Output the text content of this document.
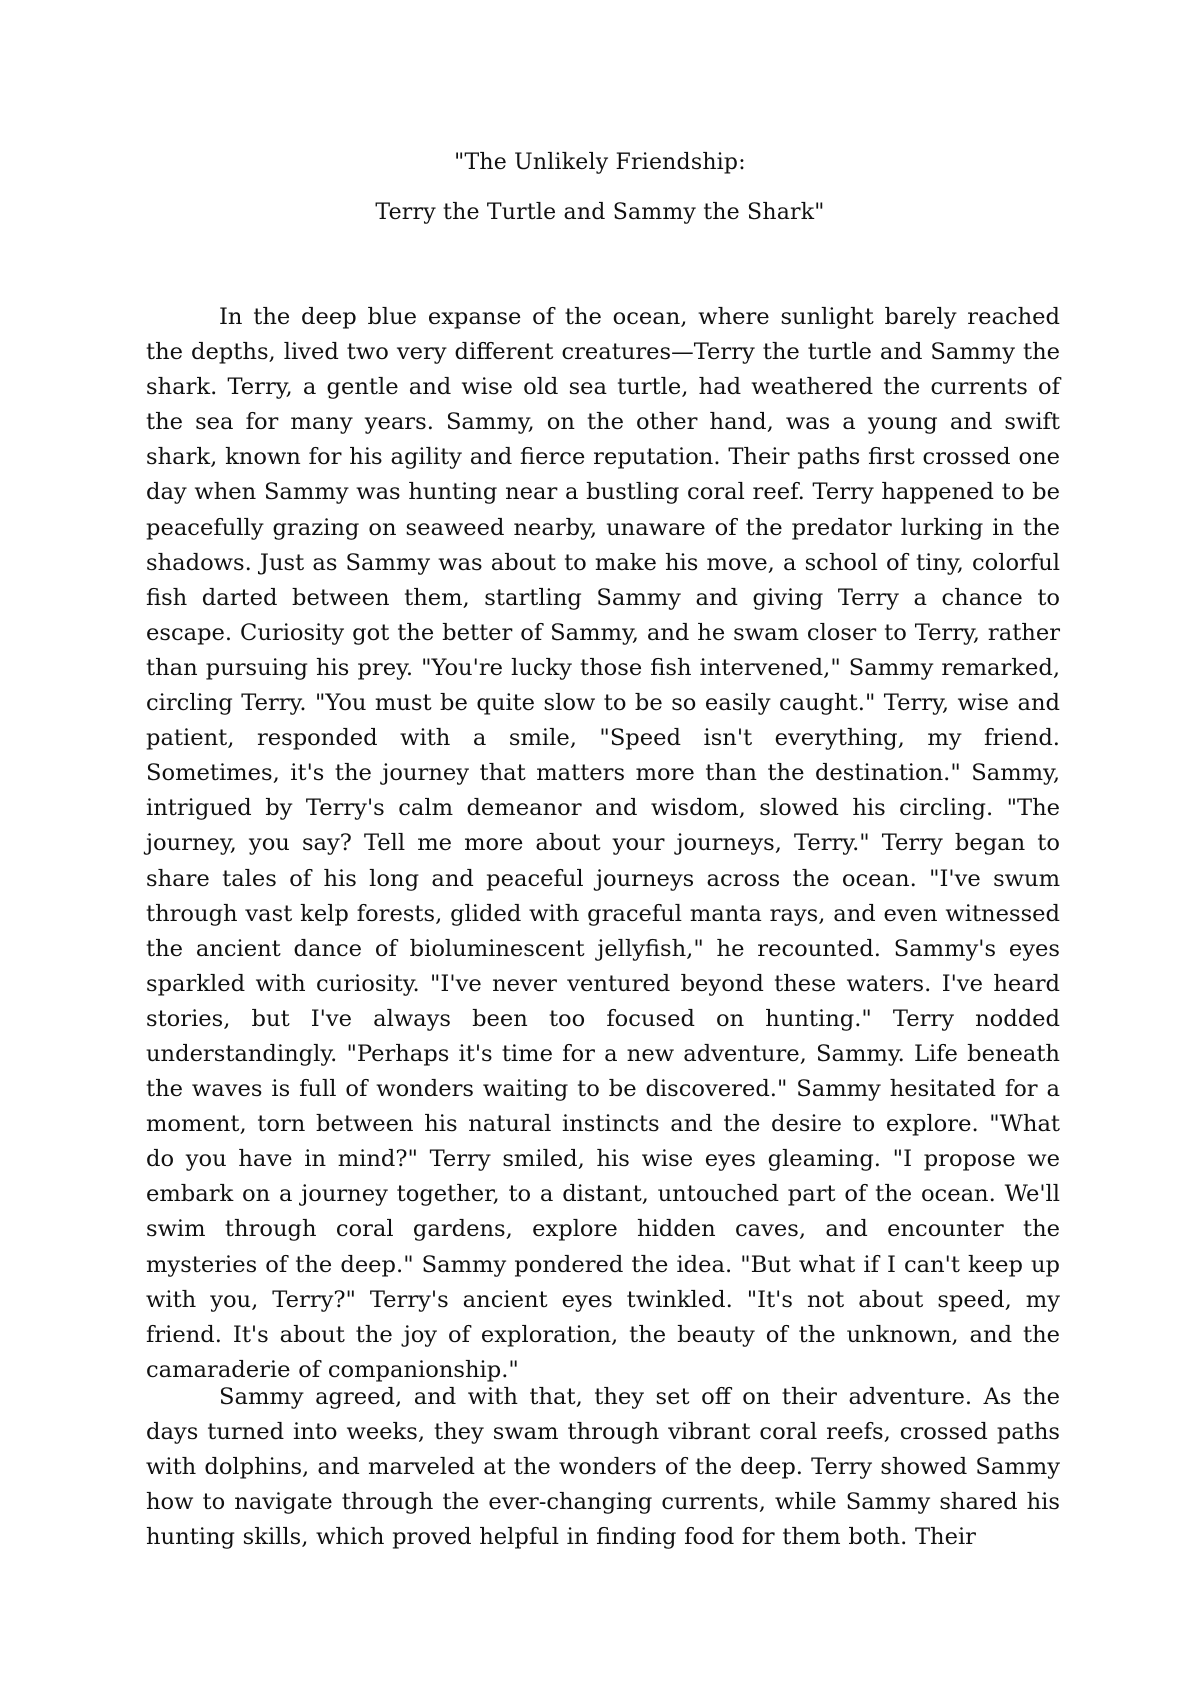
"The Unlikely Friendship:

Terry the Turtle and Sammy the Shark"

In the deep blue expanse of the ocean, where sunlight barely reached the depths, lived two very different creatures—Terry the turtle and Sammy the shark. Terry, a gentle and wise old sea turtle, had weathered the currents of the sea for many years. Sammy, on the other hand, was a young and swift shark, known for his agility and fierce reputation. Their paths first crossed one day when Sammy was hunting near a bustling coral reef. Terry happened to be peacefully grazing on seaweed nearby, unaware of the predator lurking in the shadows. Just as Sammy was about to make his move, a school of tiny, colorful fish darted between them, startling Sammy and giving Terry a chance to escape. Curiosity got the better of Sammy, and he swam closer to Terry, rather than pursuing his prey. "You're lucky those fish intervened," Sammy remarked, circling Terry. "You must be quite slow to be so easily caught." Terry, wise and patient, responded with a smile, "Speed isn't everything, my friend. Sometimes, it's the journey that matters more than the destination." Sammy, intrigued by Terry's calm demeanor and wisdom, slowed his circling. "The journey, you say? Tell me more about your journeys, Terry." Terry began to share tales of his long and peaceful journeys across the ocean. "I've swum through vast kelp forests, glided with graceful manta rays, and even witnessed the ancient dance of bioluminescent jellyfish," he recounted. Sammy's eyes sparkled with curiosity. "I've never ventured beyond these waters. I've heard stories, but I've always been too focused on hunting." Terry nodded understandingly. "Perhaps it's time for a new adventure, Sammy. Life beneath the waves is full of wonders waiting to be discovered." Sammy hesitated for a moment, torn between his natural instincts and the desire to explore. "What do you have in mind?" Terry smiled, his wise eyes gleaming. "I propose we embark on a journey together, to a distant, untouched part of the ocean. We'll swim through coral gardens, explore hidden caves, and encounter the mysteries of the deep." Sammy pondered the idea. "But what if I can't keep up with you, Terry?" Terry's ancient eyes twinkled. "It's not about speed, my friend. It's about the joy of exploration, the beauty of the unknown, and the camaraderie of companionship."

Sammy agreed, and with that, they set off on their adventure. As the days turned into weeks, they swam through vibrant coral reefs, crossed paths with dolphins, and marveled at the wonders of the deep. Terry showed Sammy how to navigate through the ever-changing currents, while Sammy shared his hunting skills, which proved helpful in finding food for them both. Their
